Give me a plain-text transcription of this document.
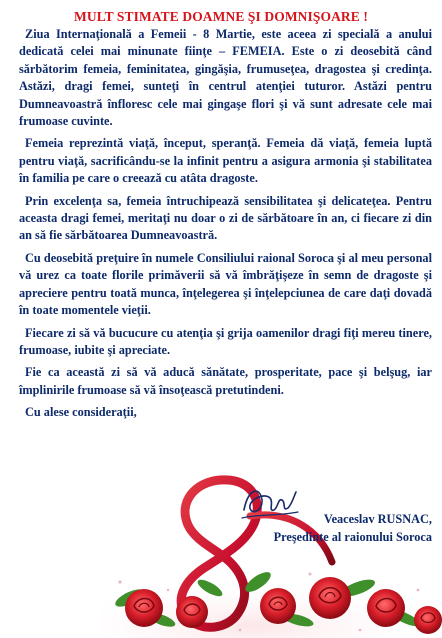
MULT STIMATE DOAMNE ŞI DOMNIŞOARE !

Ziua Internaţională a Femeii - 8 Martie, este aceea zi specială a anului dedicată celei mai minunate fiinţe – FEMEIA. Este o zi deosebită când sărbătorim femeia, feminitatea, gingăşia, frumuseţea, dragostea şi credinţa. Astăzi, dragi femei, sunteţi în centrul atenţiei tuturor. Astăzi pentru Dumneavoastră înfloresc cele mai gingaşe flori şi vă sunt adresate cele mai frumoase cuvinte.

Femeia reprezintă viaţă, început, speranţă. Femeia dă viaţă, femeia luptă pentru viaţă, sacrificându-se la infinit pentru a asigura armonia şi stabilitatea în familia pe care o creează cu atâta dragoste.

Prin excelenţa sa, femeia întruchipează sensibilitatea şi delicateţea. Pentru aceasta dragi femei, meritaţi nu doar o zi de sărbătoare în an, ci fiecare zi din an să fie sărbătoarea Dumneavoastră.

Cu deosebită preţuire în numele Consiliului raional Soroca şi al meu personal vă urez ca toate florile primăverii să vă îmbrăţişeze în semn de dragoste şi apreciere pentru toată munca, înţelegerea şi înţelepciunea de care daţi dovadă în toate momentele vieţii.

Fiecare zi să vă bucucure cu atenţia şi grija oamenilor dragi fiţi mereu tinere, frumoase, iubite şi apreciate.

Fie ca această zi să vă aducă sănătate, prosperitate, pace şi belşug, iar împlinirile frumoase să vă însoţească pretutindeni.

Cu alese consideraţii,

Veaceslav RUSNAC,
Preşedinte al raionului Soroca
